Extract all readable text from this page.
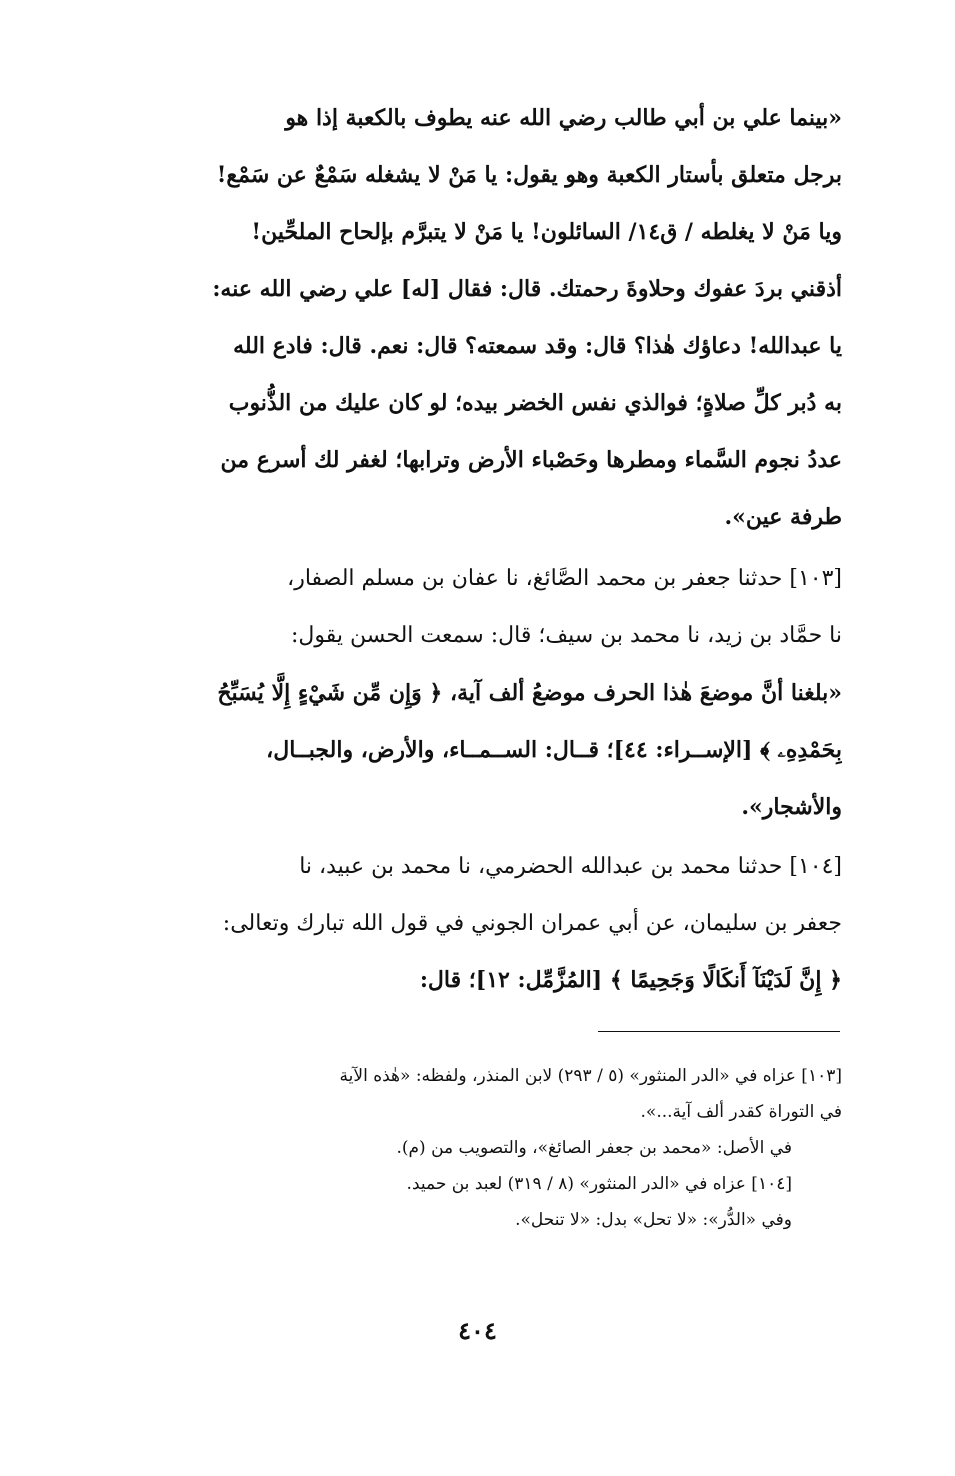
«بينما علي بن أبي طالب رضي الله عنه يطوف بالكعبة إذا هو
برجل متعلق بأستار الكعبة وهو يقول: يا مَنْ لا يشغله سَمْعٌ عن سَمْع!
ويا مَنْ لا يغلطه / ق١٤/ السائلون! يا مَنْ لا يتبرَّم بإلحاح الملحِّين!
أذقني بردَ عفوك وحلاوةَ رحمتك. قال: فقال [له] علي رضي الله عنه:
يا عبدالله! دعاؤك هٰذا؟ قال: وقد سمعته؟ قال: نعم. قال: فادع الله
به دُبر كلِّ صلاةٍ؛ فوالذي نفس الخضر بيده؛ لو كان عليك من الذُّنوب
عددُ نجوم السَّماء ومطرها وحَصْباء الأرض وترابها؛ لغفر لك أسرع من
طرفة عين».
[١٠٣] حدثنا جعفر بن محمد الصَّائغ، نا عفان بن مسلم الصفار،
نا حمَّاد بن زيد، نا محمد بن سيف؛ قال: سمعت الحسن يقول:
«بلغنا أنَّ موضعَ هٰذا الحرف موضعُ ألف آية، ﴿ وَإِن مِّن شَيْءٍ إِلَّا يُسَبِّحُ
بِحَمْدِهِۦ ﴾ [الإســراء: ٤٤]؛ قــال: الســمــاء، والأرض، والجبــال،
والأشجار».
[١٠٤] حدثنا محمد بن عبدالله الحضرمي، نا محمد بن عبيد، نا
جعفر بن سليمان، عن أبي عمران الجوني في قول الله تبارك وتعالى:
﴿ إِنَّ لَدَيْنَآ أَنكَالًا وَجَحِيمًا ﴾ [المُزَّمِّل: ١٢]؛ قال:
[١٠٣] عزاه في «الدر المنثور» (٥ / ٢٩٣) لابن المنذر، ولفظه: «هٰذه الآية
في التوراة كقدر ألف آية...».
في الأصل: «محمد بن جعفر الصائغ»، والتصويب من (م).
[١٠٤] عزاه في «الدر المنثور» (٨ / ٣١٩) لعبد بن حميد.
وفي «الدُّر»: «لا تحل» بدل: «لا تنحل».
٤٠٤
